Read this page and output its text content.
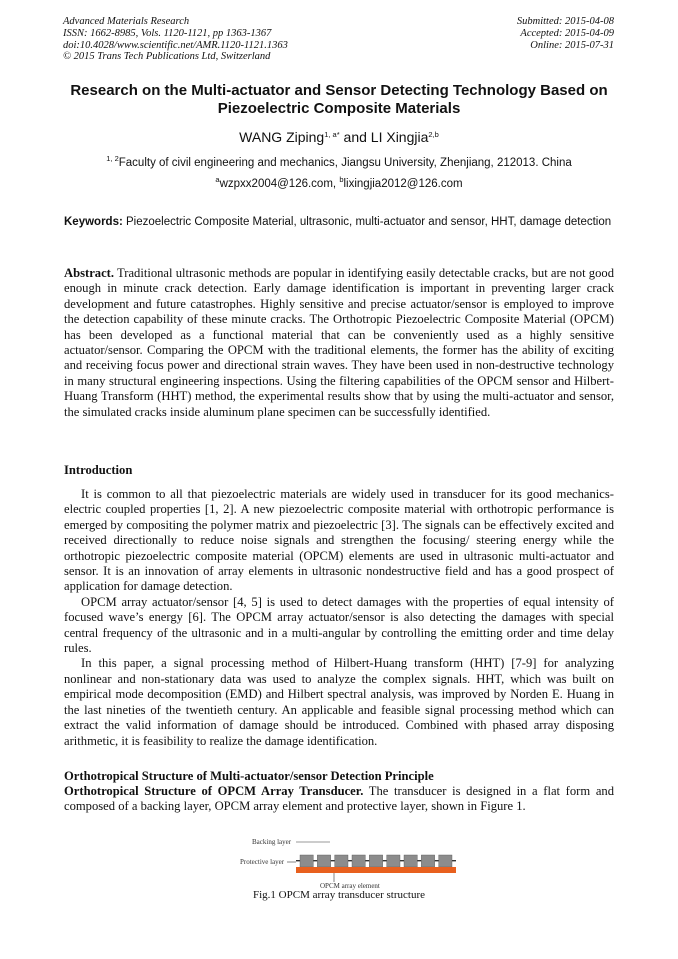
Advanced Materials Research
ISSN: 1662-8985, Vols. 1120-1121, pp 1363-1367
doi:10.4028/www.scientific.net/AMR.1120-1121.1363
© 2015 Trans Tech Publications Ltd, Switzerland
Submitted: 2015-04-08
Accepted: 2015-04-09
Online: 2015-07-31
Research on the Multi-actuator and Sensor Detecting Technology Based on Piezoelectric Composite Materials
WANG Ziping$^{1, a*}$ and LI Xingjia$^{2,b}$
$^{1, 2}$Faculty of civil engineering and mechanics, Jiangsu University, Zhenjiang, 212013. China
$^a$wzpxx2004@126.com, $^b$lixingjia2012@126.com
Keywords: Piezoelectric Composite Material, ultrasonic, multi-actuator and sensor, HHT, damage detection
Abstract. Traditional ultrasonic methods are popular in identifying easily detectable cracks, but are not good enough in minute crack detection. Early damage identification is important in preventing larger crack development and future catastrophes. Highly sensitive and precise actuator/sensor is employed to improve the detection capability of these minute cracks. The Orthotropic Piezoelectric Composite Material (OPCM) has been developed as a functional material that can be conveniently used as a highly sensitive actuator/sensor. Comparing the OPCM with the traditional elements, the former has the ability of exciting and receiving focus power and directional strain waves. They have been used in non-destructive technology in many structural engineering inspections. Using the filtering capabilities of the OPCM sensor and Hilbert-Huang Transform (HHT) method, the experimental results show that by using the multi-actuator and sensor, the simulated cracks inside aluminum plane specimen can be successfully identified.
Introduction

It is common to all that piezoelectric materials are widely used in transducer for its good mechanics-electric coupled properties [1, 2]. A new piezoelectric composite material with orthotropic performance is emerged by compositing the polymer matrix and piezoelectric [3]. The signals can be effectively excited and received directionally to reduce noise signals and strengthen the focusing/ steering energy while the orthotropic piezoelectric composite material (OPCM) elements are used in ultrasonic multi-actuator and sensor. It is an innovation of array elements in ultrasonic nondestructive field and has a good prospect of application for damage detection.

OPCM array actuator/sensor [4, 5] is used to detect damages with the properties of equal intensity of focused wave’s energy [6]. The OPCM array actuator/sensor is also detecting the damages with special central frequency of the ultrasonic and in a multi-angular by controlling the emitting order and time delay rules.

In this paper, a signal processing method of Hilbert-Huang transform (HHT) [7-9] for analyzing nonlinear and non-stationary data was used to analyze the complex signals. HHT, which was built on empirical mode decomposition (EMD) and Hilbert spectral analysis, was improved by Norden E. Huang in the last nineties of the twentieth century. An applicable and feasible signal processing method which can extract the valid information of damage should be introduced. Combined with phased array disposing arithmetic, it is feasibility to realize the damage identification.

Orthotropical Structure of Multi-actuator/sensor Detection Principle
Orthotropical Structure of OPCM Array Transducer. The transducer is designed in a flat form and composed of a backing layer, OPCM array element and protective layer, shown in Figure 1.
Backing layer
Protective layer
OPCM array element
Fig.1 OPCM array transducer structure
